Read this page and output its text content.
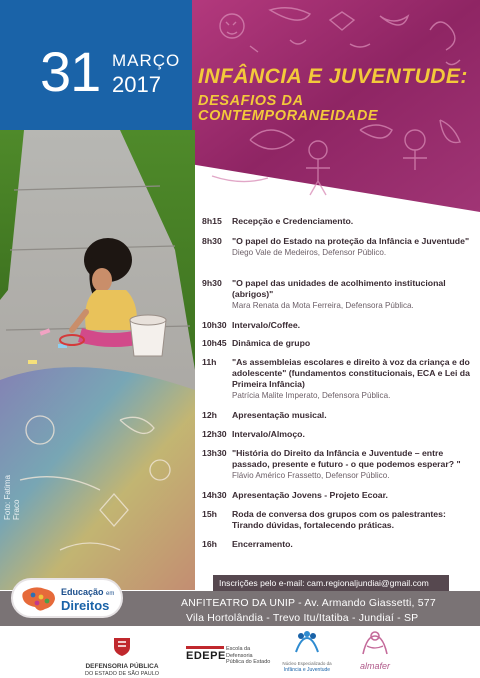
31 MARÇO
2017 INFÂNCIA E JUVENTUDE:
DESAFIOS DA CONTEMPORANEIDADE
Foto: Fatima Fraco
8h15	Recepção e Credenciamento.
8h30	"O papel do Estado na proteção da Infância e Juventude"
Diego Vale de Medeiros, Defensor Público.
9h30	"O papel das unidades de acolhimento institucional (abrigos)"
Mara Renata da Mota Ferreira, Defensora Pública.
10h30 Intervalo/Coffee.
10h45 Dinâmica de grupo
11h	"As assembleias escolares e direito à voz da criança e do adolescente" (fundamentos constitucionais, ECA e Lei da Primeira Infância)
Patrícia Malite Imperato, Defensora Pública.
12h	Apresentação musical.
12h30 Intervalo/Almoço.
13h30 "História do Direito da Infância e Juventude – entre passado, presente e futuro - o que podemos esperar? "
Flávio Américo Frassetto, Defensor Público.
14h30 Apresentação Jovens - Projeto Ecoar.
15h	Roda de conversa dos grupos com os palestrantes: Tirando dúvidas, fortalecendo práticas.
16h	Encerramento.
Inscrições pelo e-mail: cam.regionaljundiai@gmail.com
ANFITEATRO DA UNIP - Av. Armando Giassetti, 577
Vila Hortolândia - Trevo Itu/Itatiba - Jundiaí - SP
Educação em
Direitos
DEFENSORIA PÚBLICA
DO ESTADO DE SÃO PAULO
EDEPE
Escola da Defensoria Pública do Estado	Núcleo Especializado da
Infância e Juventude	almafer
